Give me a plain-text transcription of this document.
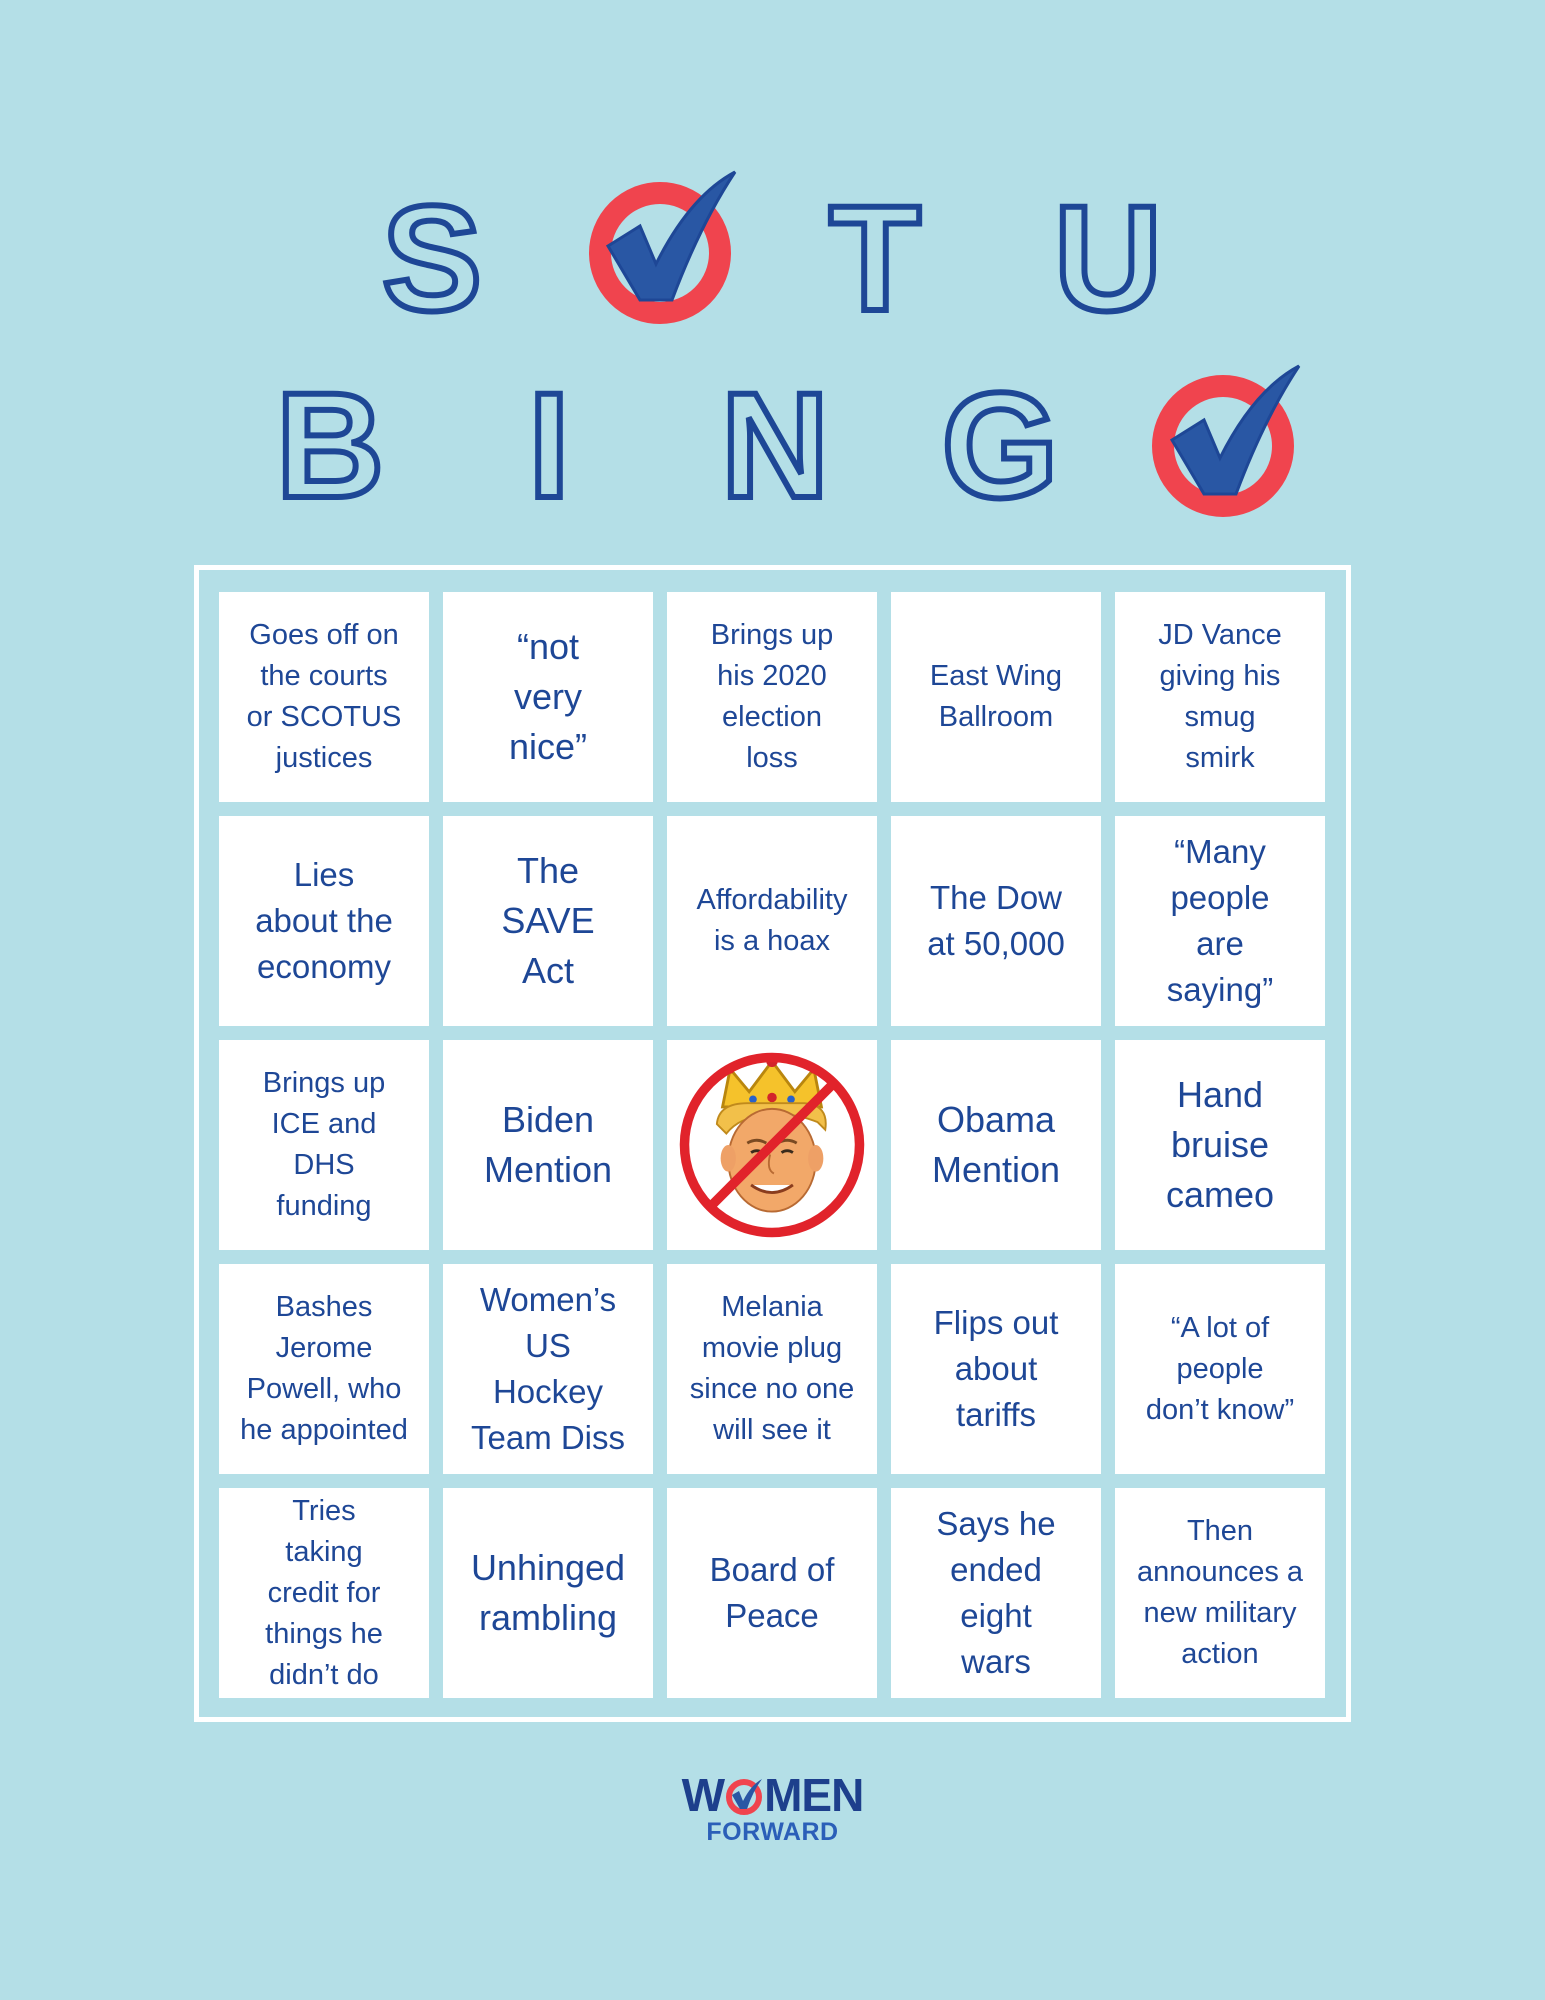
S T U
B I N G
Goes off on
the courts
or SCOTUS
justices
“not
very
nice”
Brings up
his 2020
election
loss
East Wing
Ballroom
JD Vance
giving his
smug
smirk
Lies
about the
economy
The
SAVE
Act
Affordability
is a hoax
The Dow
at 50,000
“Many
people
are
saying”
Brings up
ICE and
DHS
funding
Biden
Mention
Obama
Mention
Hand
bruise
cameo
Bashes
Jerome
Powell, who
he appointed
Women’s
US
Hockey
Team Diss
Melania
movie plug
since no one
will see it
Flips out
about
tariffs
“A lot of
people
don’t know”
Tries
taking
credit for
things he
didn’t do
Unhinged
rambling
Board of
Peace
Says he
ended
eight
wars
Then
announces a
new military
action
W MEN
FORWARD
